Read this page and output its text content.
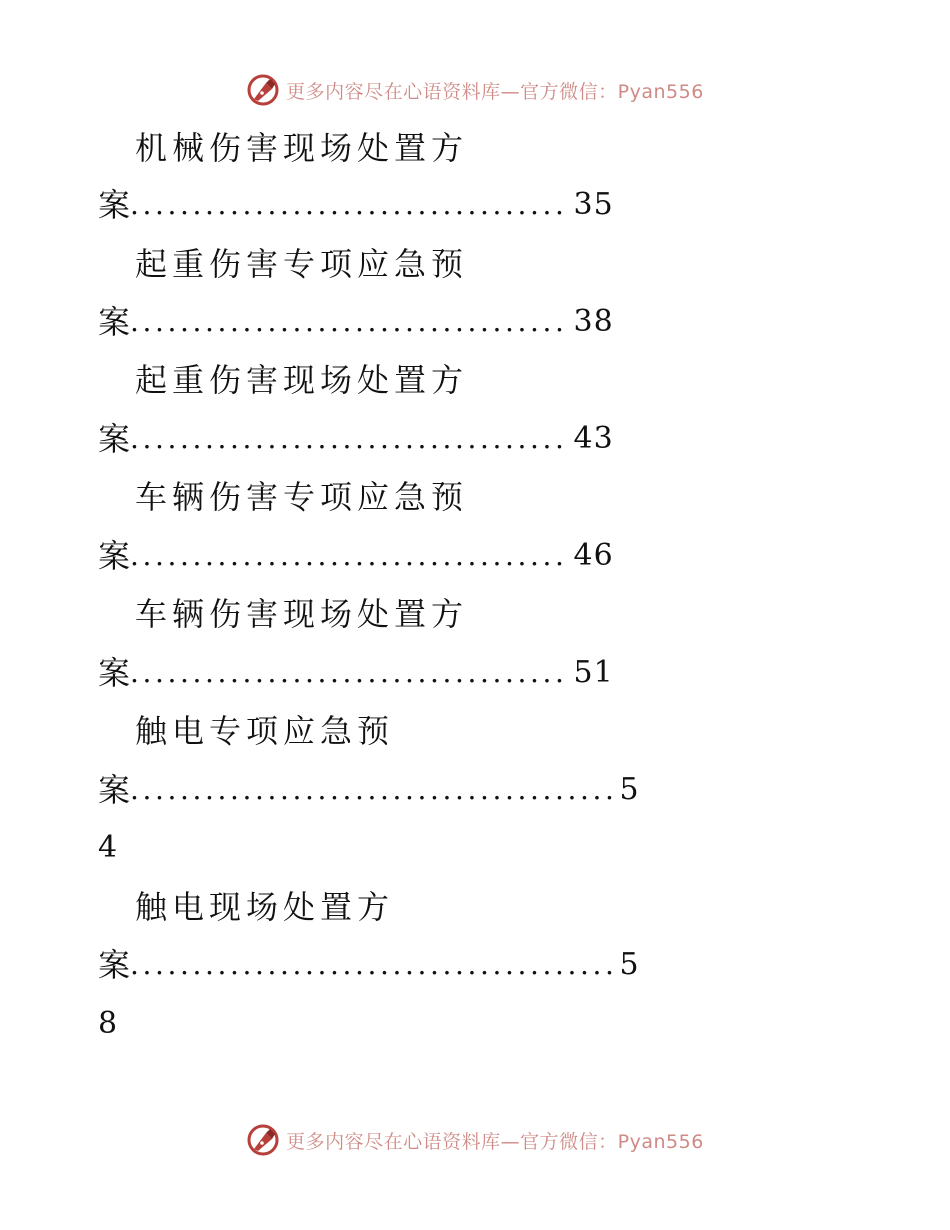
更多内容尽在心语资料库—官方微信：Pyan556
机械伤害现场处置方
案 ................................... 35
起重伤害专项应急预
案 ................................... 38
起重伤害现场处置方
案 ................................... 43
车辆伤害专项应急预
案 ................................... 46
车辆伤害现场处置方
案 ................................... 51
触电专项应急预
案 ....................................... 5
4
触电现场处置方
案 ....................................... 5
8
更多内容尽在心语资料库—官方微信：Pyan556
